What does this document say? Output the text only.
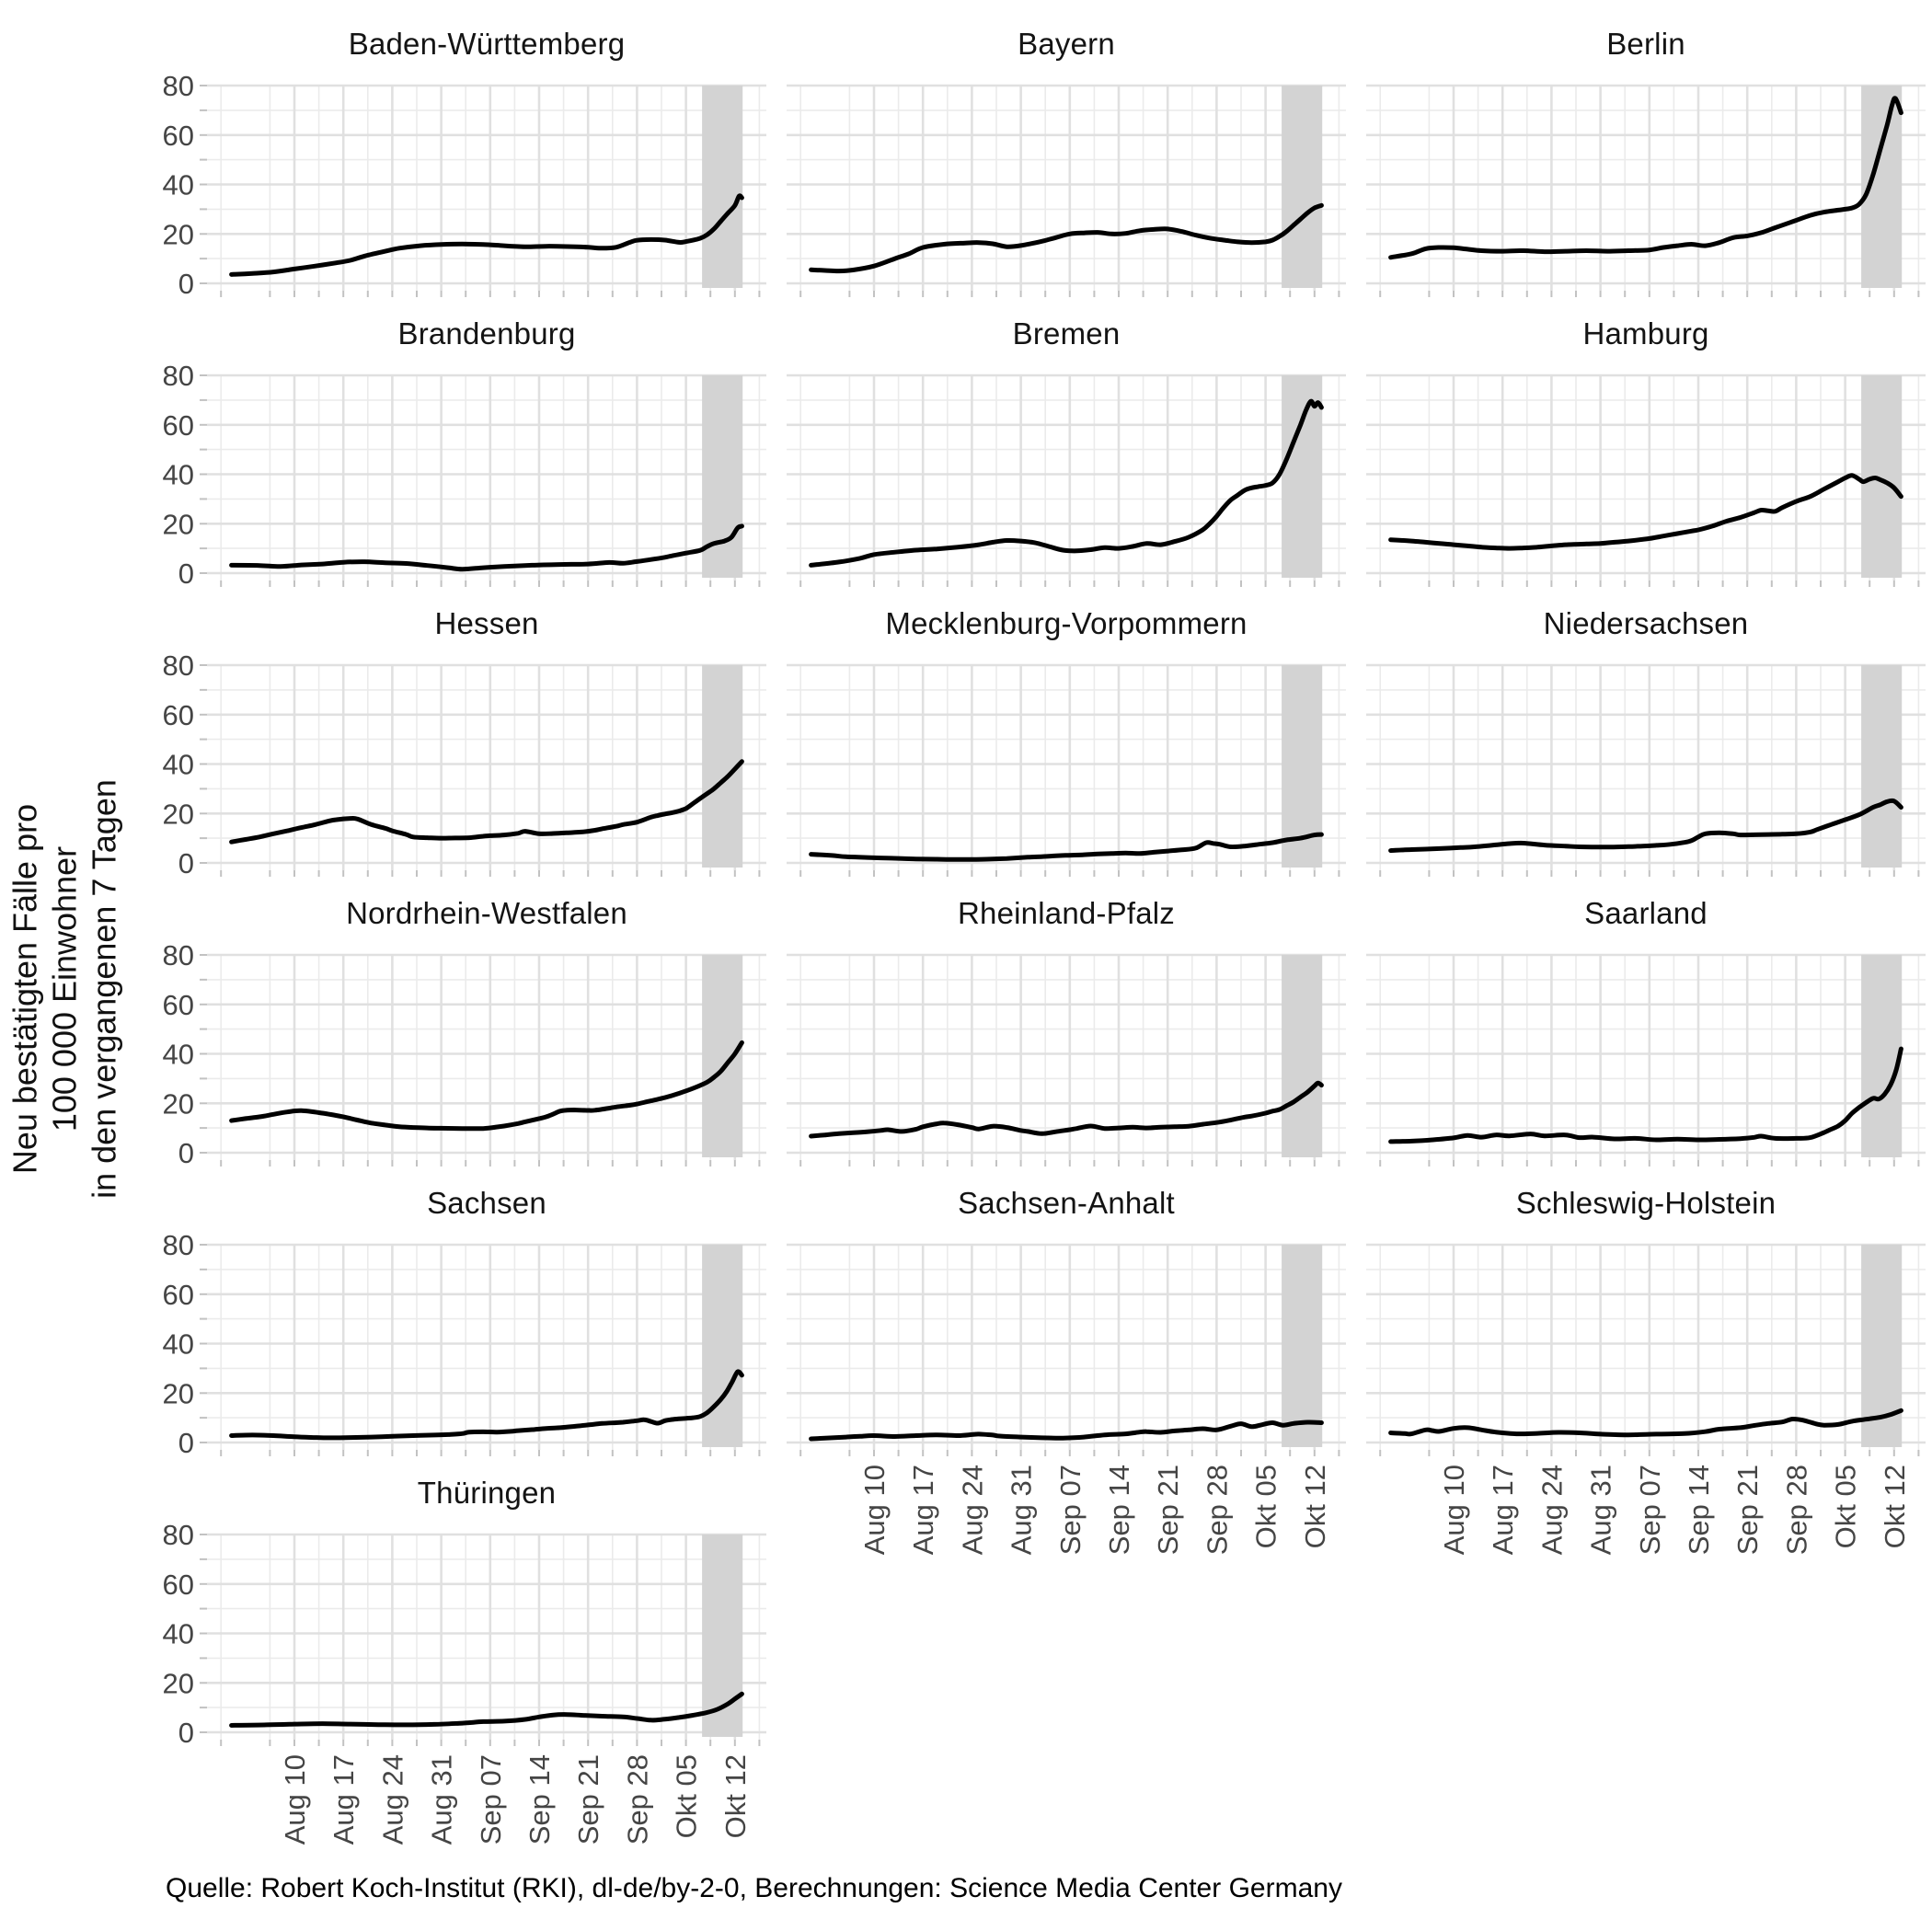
0
20
40
60
80
0
20
40
60
80
0
20
40
60
80
0
20
40
60
80
0
20
40
60
80
Aug 10 Aug 17 Aug 24 Aug 31 Sep 07 Sep 14 Sep 21 Sep 28 Okt 05 Okt 12	Aug 10 Aug 17 Aug 24 Aug 31 Sep 07 Sep 14 Sep 21 Sep 28 Okt 05 Okt 12
0
20
40
60
80
Aug 10 Aug 17 Aug 24 Aug 31 Sep 07 Sep 14 Sep 21 Sep 28 Okt 05 Okt 12
Neu bestätigten Fälle pro 100 000 Einwohner in den vergangenen 7 Tagen
Quelle: Robert Koch-Institut (RKI), dl-de/by-2-0, Berechnungen: Science Media Center Germany
Baden-Württemberg	Bayern	Berlin
Brandenburg	Bremen	Hamburg
Hessen	Mecklenburg-Vorpommern	Niedersachsen
Nordrhein-Westfalen	Rheinland-Pfalz	Saarland
Sachsen	Sachsen-Anhalt	Schleswig-Holstein
Thüringen
